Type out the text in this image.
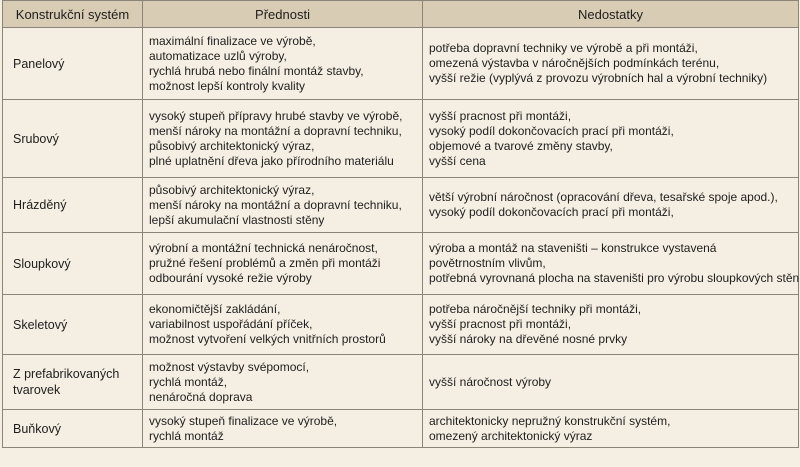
Konstrukční systém	Přednosti	Nedostatky

Panelový	maximální finalizace ve výrobě,
automatizace uzlů výroby,
rychlá hrubá nebo finální montáž stavby,
možnost lepší kontroly kvality	potřeba dopravní techniky ve výrobě a při montáži,
omezená výstavba v náročnějších podmínkách terénu,
vyšší režie (vyplývá z provozu výrobních hal a výrobní techniky)

Srubový	vysoký stupeň přípravy hrubé stavby ve výrobě,
menší nároky na montážní a dopravní techniku,
působivý architektonický výraz,
plné uplatnění dřeva jako přírodního materiálu	vyšší pracnost při montáži,
vysoký podíl dokončovacích prací při montáži,
objemové a tvarové změny stavby,
vyšší cena

Hrázděný	působivý architektonický výraz,
menší nároky na montážní a dopravní techniku,
lepší akumulační vlastnosti stěny	větší výrobní náročnost (opracování dřeva, tesařské spoje apod.),
vysoký podíl dokončovacích prací při montáži,

Sloupkový	výrobní a montážní technická nenáročnost,
pružné řešení problémů a změn při montáži
odbourání vysoké režie výroby	výroba a montáž na staveništi – konstrukce vystavená
povětrnostním vlivům,
potřebná vyrovnaná plocha na staveništi pro výrobu sloupkových stěn

Skeletový	ekonomičtější zakládání,
variabilnost uspořádání příček,
možnost vytvoření velkých vnitřních prostorů	potřeba náročnější techniky při montáži,
vyšší pracnost při montáži,
vyšší nároky na dřevěné nosné prvky

Z prefabrikovaných
tvarovek	možnost výstavby svépomocí,
rychlá montáž,
nenáročná doprava	vyšší náročnost výroby

Buňkový	vysoký stupeň finalizace ve výrobě,
rychlá montáž	architektonicky nepružný konstrukční systém,
omezený architektonický výraz
